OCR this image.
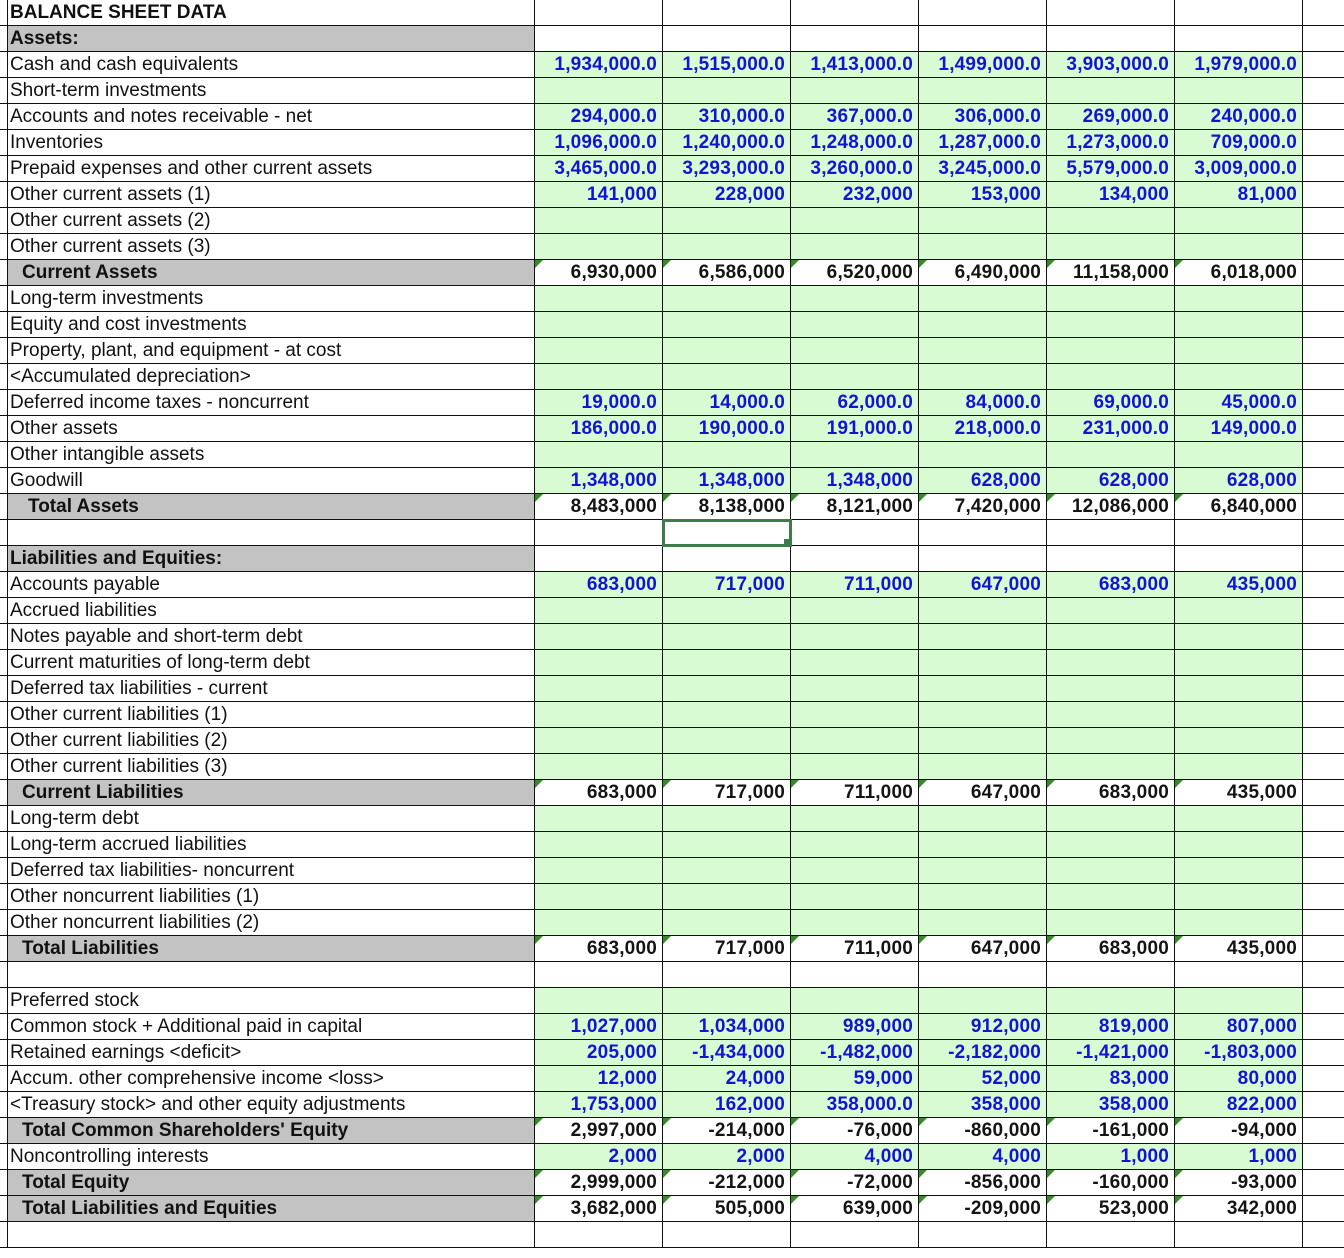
BALANCE SHEET DATA
Assets:
Cash and cash equivalents	1,934,000.0	1,515,000.0	1,413,000.0	1,499,000.0	3,903,000.0	1,979,000.0
Short-term investments
Accounts and notes receivable - net	294,000.0	310,000.0	367,000.0	306,000.0	269,000.0	240,000.0
Inventories	1,096,000.0	1,240,000.0	1,248,000.0	1,287,000.0	1,273,000.0	709,000.0
Prepaid expenses and other current assets	3,465,000.0	3,293,000.0	3,260,000.0	3,245,000.0	5,579,000.0	3,009,000.0
Other current assets (1)	141,000	228,000	232,000	153,000	134,000	81,000
Other current assets (2)
Other current assets (3)
Current Assets	6,930,000	6,586,000	6,520,000	6,490,000	11,158,000	6,018,000
Long-term investments
Equity and cost investments
Property, plant, and equipment - at cost
<Accumulated depreciation>
Deferred income taxes - noncurrent	19,000.0	14,000.0	62,000.0	84,000.0	69,000.0	45,000.0
Other assets	186,000.0	190,000.0	191,000.0	218,000.0	231,000.0	149,000.0
Other intangible assets
Goodwill	1,348,000	1,348,000	1,348,000	628,000	628,000	628,000
Total Assets	8,483,000	8,138,000	8,121,000	7,420,000	12,086,000	6,840,000
Liabilities and Equities:
Accounts payable	683,000	717,000	711,000	647,000	683,000	435,000
Accrued liabilities
Notes payable and short-term debt
Current maturities of long-term debt
Deferred tax liabilities - current
Other current liabilities (1)
Other current liabilities (2)
Other current liabilities (3)
Current Liabilities	683,000	717,000	711,000	647,000	683,000	435,000
Long-term debt
Long-term accrued liabilities
Deferred tax liabilities- noncurrent
Other noncurrent liabilities (1)
Other noncurrent liabilities (2)
Total Liabilities	683,000	717,000	711,000	647,000	683,000	435,000
Preferred stock
Common stock + Additional paid in capital	1,027,000	1,034,000	989,000	912,000	819,000	807,000
Retained earnings <deficit>	205,000	-1,434,000	-1,482,000	-2,182,000	-1,421,000	-1,803,000
Accum. other comprehensive income <loss>	12,000	24,000	59,000	52,000	83,000	80,000
<Treasury stock> and other equity adjustments	1,753,000	162,000	358,000.0	358,000	358,000	822,000
Total Common Shareholders' Equity	2,997,000	-214,000	-76,000	-860,000	-161,000	-94,000
Noncontrolling interests	2,000	2,000	4,000	4,000	1,000	1,000
Total Equity	2,999,000	-212,000	-72,000	-856,000	-160,000	-93,000
Total Liabilities and Equities	3,682,000	505,000	639,000	-209,000	523,000	342,000
